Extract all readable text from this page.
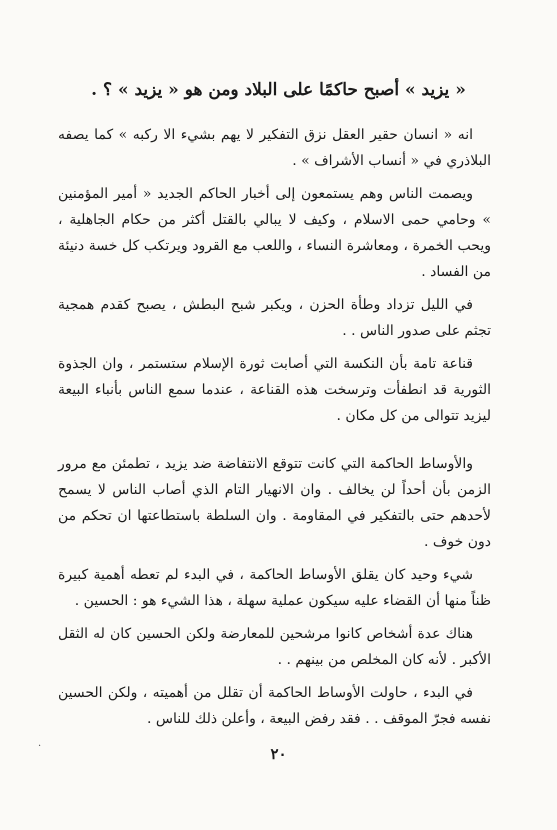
« يزيد » أصبح حاكمًا على البلاد ومن هو « يزيد » ؟ .

انه « انسان حقير العقل نزق التفكير لا يهم بشيء الا ركبه » كما يصفه البلاذري في « أنساب الأشراف » .

ويصمت الناس وهم يستمعون إلى أخبار الحاكم الجديد « أمير المؤمنين » وحامي حمى الاسلام ، وكيف لا يبالي بالقتل أكثر من حكام الجاهلية ، ويحب الخمرة ، ومعاشرة النساء ، واللعب مع القرود ويرتكب كل خسة دنيئة من الفساد .

في الليل تزداد وطأة الحزن ، ويكبر شبح البطش ، يصبح كقدم همجية تجثم على صدور الناس . .

قناعة تامة بأن النكسة التي أصابت ثورة الإسلام ستستمر ، وان الجذوة الثورية قد انطفأت وترسخت هذه القناعة ، عندما سمع الناس بأنباء البيعة ليزيد تتوالى من كل مكان .

والأوساط الحاكمة التي كانت تتوقع الانتفاضة ضد يزيد ، تطمئن مع مرور الزمن بأن أحداً لن يخالف . وان الانهيار التام الذي أصاب الناس لا يسمح لأحدهم حتى بالتفكير في المقاومة . وان السلطة باستطاعتها ان تحكم من دون خوف .

شيء وحيد كان يقلق الأوساط الحاكمة ، في البدء لم تعطه أهمية كبيرة ظناً منها أن القضاء عليه سيكون عملية سهلة ، هذا الشيء هو : الحسين .

هناك عدة أشخاص كانوا مرشحين للمعارضة ولكن الحسين كان له الثقل الأكبر . لأنه كان المخلص من بينهم . .

في البدء ، حاولت الأوساط الحاكمة أن تقلل من أهميته ، ولكن الحسين نفسه فجرّ الموقف . . فقد رفض البيعة ، وأعلن ذلك للناس .

·	٢٠
